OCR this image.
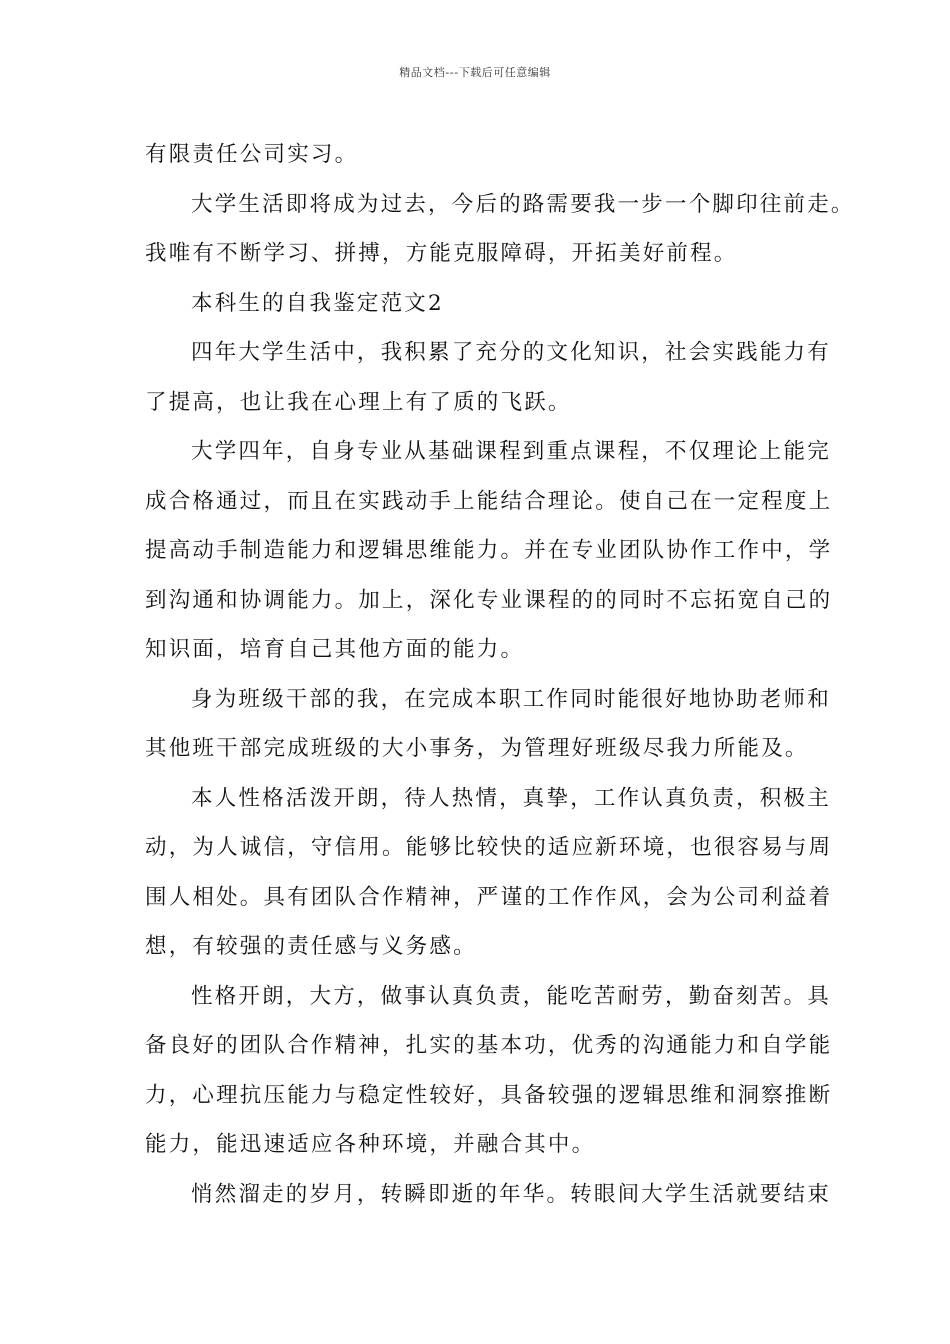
精品文档---下载后可任意编辑
有限责任公司实习。
大学生活即将成为过去，今后的路需要我一步一个脚印往前走。
我唯有不断学习、拼搏，方能克服障碍，开拓美好前程。
本科生的自我鉴定范文2
四年大学生活中，我积累了充分的文化知识，社会实践能力有
了提高，也让我在心理上有了质的飞跃。
大学四年，自身专业从基础课程到重点课程，不仅理论上能完
成合格通过，而且在实践动手上能结合理论。使自己在一定程度上
提高动手制造能力和逻辑思维能力。并在专业团队协作工作中，学
到沟通和协调能力。加上，深化专业课程的的同时不忘拓宽自己的
知识面，培育自己其他方面的能力。
身为班级干部的我，在完成本职工作同时能很好地协助老师和
其他班干部完成班级的大小事务，为管理好班级尽我力所能及。
本人性格活泼开朗，待人热情，真挚，工作认真负责，积极主
动，为人诚信，守信用。能够比较快的适应新环境，也很容易与周
围人相处。具有团队合作精神，严谨的工作作风，会为公司利益着
想，有较强的责任感与义务感。
性格开朗，大方，做事认真负责，能吃苦耐劳，勤奋刻苦。具
备良好的团队合作精神，扎实的基本功，优秀的沟通能力和自学能
力，心理抗压能力与稳定性较好，具备较强的逻辑思维和洞察推断
能力，能迅速适应各种环境，并融合其中。
悄然溜走的岁月，转瞬即逝的年华。转眼间大学生活就要结束
